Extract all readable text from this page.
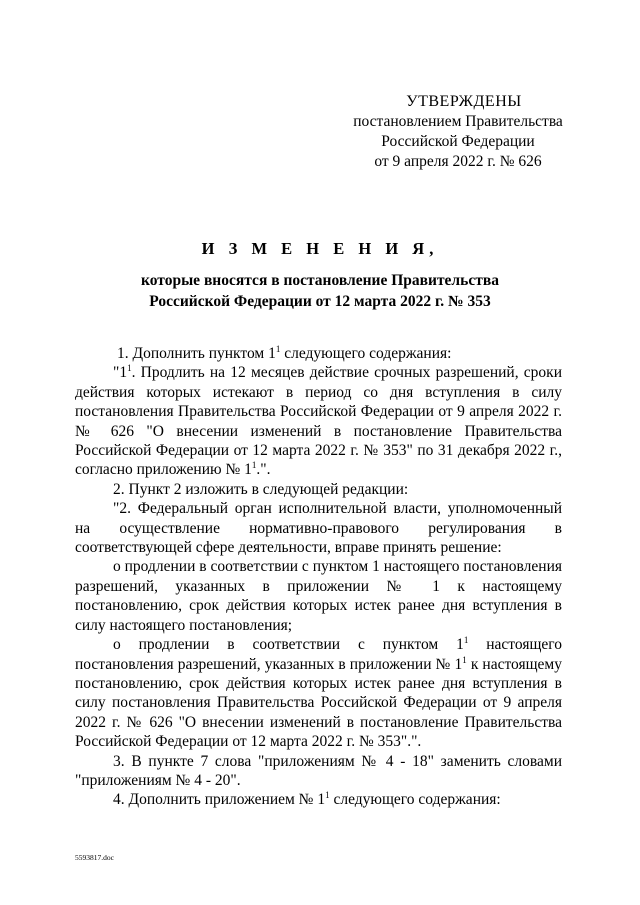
УТВЕРЖДЕНЫ
постановлением Правительства
Российской Федерации
от 9 апреля 2022 г. № 626
И З М Е Н Е Н И Я,
которые вносятся в постановление Правительства
Российской Федерации от 12 марта 2022 г. № 353

1. Дополнить пунктом $1^1$ следующего содержания:

"$1^1$. Продлить на 12 месяцев действие срочных разрешений, сроки действия которых истекают в период со дня вступления в силу постановления Правительства Российской Федерации от 9 апреля 2022 г. № 626 "О внесении изменений в постановление Правительства Российской Федерации от 12 марта 2022 г. № 353" по 31 декабря 2022 г., согласно приложению № $1^1$.".

2. Пункт 2 изложить в следующей редакции:

"2. Федеральный орган исполнительной власти, уполномоченный на осуществление нормативно-правового регулирования в соответствующей сфере деятельности, вправе принять решение:

о продлении в соответствии с пунктом 1 настоящего постановления разрешений, указанных в приложении № 1 к настоящему постановлению, срок действия которых истек ранее дня вступления в силу настоящего постановления;

о продлении в соответствии с пунктом $1^1$ настоящего постановления разрешений, указанных в приложении № $1^1$ к настоящему постановлению, срок действия которых истек ранее дня вступления в силу постановления Правительства Российской Федерации от 9 апреля 2022 г. № 626 "О внесении изменений в постановление Правительства Российской Федерации от 12 марта 2022 г. № 353".".

3. В пункте 7 слова "приложениям № 4 - 18" заменить словами "приложениям № 4 - 20".

4. Дополнить приложением № $1^1$ следующего содержания:

5593817.doc
